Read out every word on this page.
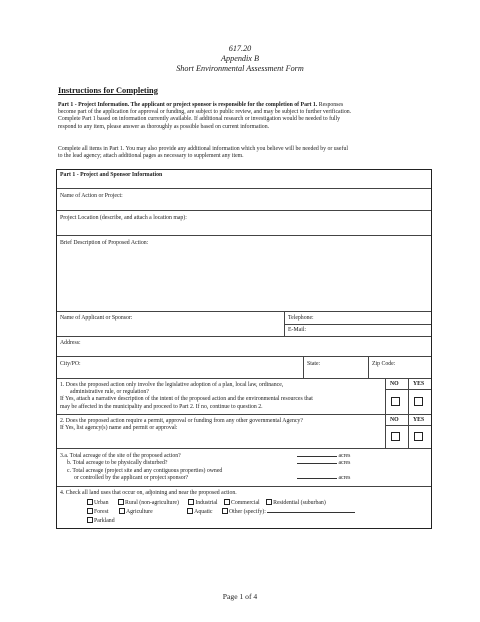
617.20
Appendix B
Short Environmental Assessment Form
Instructions for Completing
Part 1 - Project Information. The applicant or project sponsor is responsible for the completion of Part 1. Responses
become part of the application for approval or funding, are subject to public review, and may be subject to further verification.
Complete Part 1 based on information currently available. If additional research or investigation would be needed to fully
respond to any item, please answer as thoroughly as possible based on current information.
Complete all items in Part 1. You may also provide any additional information which you believe will be needed by or useful
to the lead agency; attach additional pages as necessary to supplement any item.
Part 1 - Project and Sponsor Information
Name of Action or Project:
Project Location (describe, and attach a location map):
Brief Description of Proposed Action:
Name of Applicant or Sponsor:	Telephone:
E-Mail:
Address:
City/PO:	State:	Zip Code:
1. Does the proposed action only involve the legislative adoption of a plan, local law, ordinance,
administrative rule, or regulation?
If Yes, attach a narrative description of the intent of the proposed action and the environmental resources that
may be affected in the municipality and proceed to Part 2. If no, continue to question 2.
NO YES
2. Does the proposed action require a permit, approval or funding from any other governmental Agency?
If Yes, list agency(s) name and permit or approval:
NO YES
3.a. Total acreage of the site of the proposed action?
b. Total acreage to be physically disturbed?
c. Total acreage (project site and any contiguous properties) owned
or controlled by the applicant or project sponsor?
acres
acres
acres
4. Check all land uses that occur on, adjoining and near the proposed action.
Urban	Rural (non-agriculture)	Industrial Commercial Residential (suburban)
Forest	Agriculture	Aquatic	Other (specify):
Parkland
Page 1 of 4
